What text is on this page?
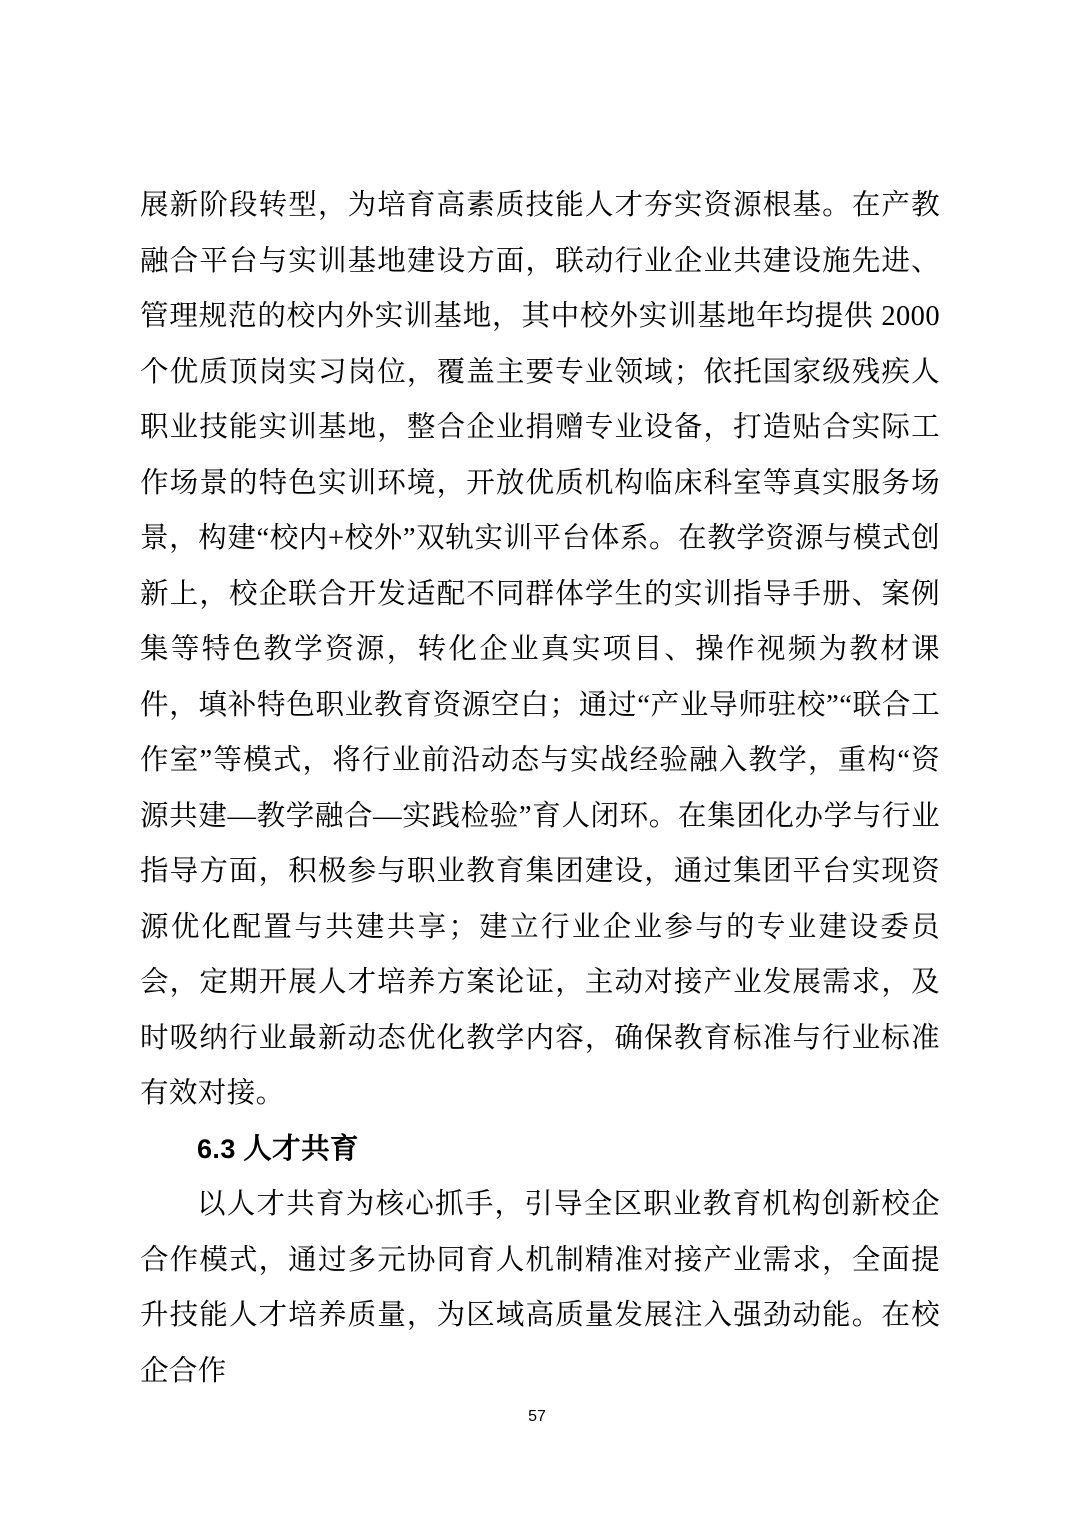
展新阶段转型，为培育高素质技能人才夯实资源根基。在产教融合平台与实训基地建设方面，联动行业企业共建设施先进、管理规范的校内外实训基地，其中校外实训基地年均提供 2000 个优质顶岗实习岗位，覆盖主要专业领域；依托国家级残疾人职业技能实训基地，整合企业捐赠专业设备，打造贴合实际工作场景的特色实训环境，开放优质机构临床科室等真实服务场景，构建“校内+校外”双轨实训平台体系。在教学资源与模式创新上，校企联合开发适配不同群体学生的实训指导手册、案例集等特色教学资源，转化企业真实项目、操作视频为教材课件，填补特色职业教育资源空白；通过“产业导师驻校”“联合工作室”等模式，将行业前沿动态与实战经验融入教学，重构“资源共建—教学融合—实践检验”育人闭环。在集团化办学与行业指导方面，积极参与职业教育集团建设，通过集团平台实现资源优化配置与共建共享；建立行业企业参与的专业建设委员会，定期开展人才培养方案论证，主动对接产业发展需求，及时吸纳行业最新动态优化教学内容，确保教育标准与行业标准有效对接。

6.3 人才共育

以人才共育为核心抓手，引导全区职业教育机构创新校企合作模式，通过多元协同育人机制精准对接产业需求，全面提升技能人才培养质量，为区域高质量发展注入强劲动能。在校企合作

57
